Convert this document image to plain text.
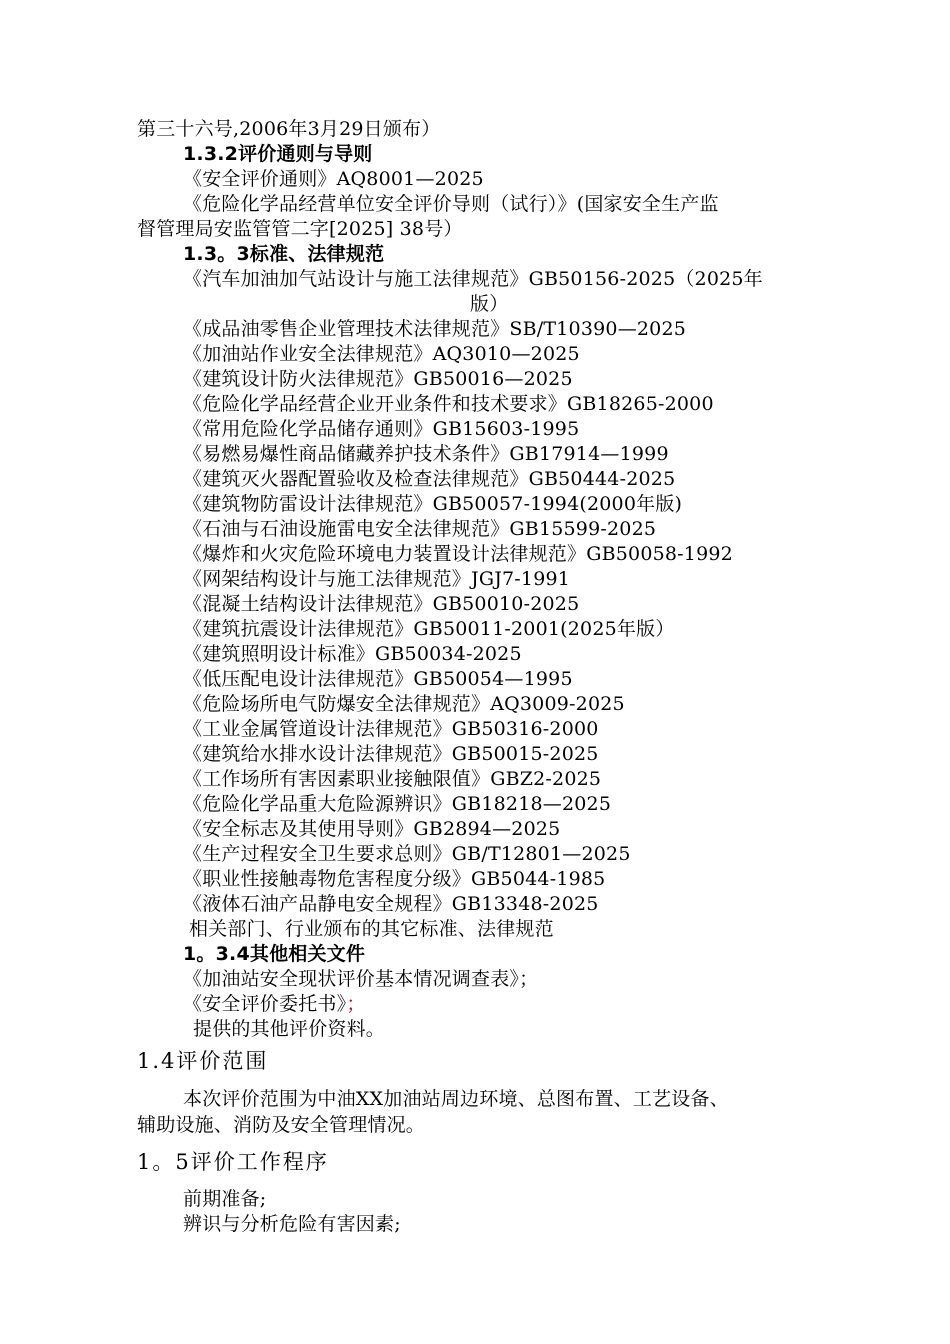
第三十六号,2006年3月29日颁布）
1.3.2评价通则与导则
《安全评价通则》AQ8001—2025
《危险化学品经营单位安全评价导则（试行）》(国家安全生产监
督管理局安监管管二字[2025] 38号）
1.3。3标准、法律规范
《汽车加油加气站设计与施工法律规范》GB50156-2025（2025年
版）
《成品油零售企业管理技术法律规范》SB/T10390—2025
《加油站作业安全法律规范》AQ3010—2025
《建筑设计防火法律规范》GB50016—2025
《危险化学品经营企业开业条件和技术要求》GB18265-2000
《常用危险化学品储存通则》GB15603-1995
《易燃易爆性商品储藏养护技术条件》GB17914—1999
《建筑灭火器配置验收及检查法律规范》GB50444-2025
《建筑物防雷设计法律规范》GB50057-1994(2000年版)
《石油与石油设施雷电安全法律规范》GB15599-2025
《爆炸和火灾危险环境电力装置设计法律规范》GB50058-1992
《网架结构设计与施工法律规范》JGJ7-1991
《混凝土结构设计法律规范》GB50010-2025
《建筑抗震设计法律规范》GB50011-2001(2025年版）
《建筑照明设计标准》GB50034-2025
《低压配电设计法律规范》GB50054—1995
《危险场所电气防爆安全法律规范》AQ3009-2025
《工业金属管道设计法律规范》GB50316-2000
《建筑给水排水设计法律规范》GB50015-2025
《工作场所有害因素职业接触限值》GBZ2-2025
《危险化学品重大危险源辨识》GB18218—2025
《安全标志及其使用导则》GB2894—2025
《生产过程安全卫生要求总则》GB/T12801—2025
《职业性接触毒物危害程度分级》GB5044-1985
《液体石油产品静电安全规程》GB13348-2025
相关部门、行业颁布的其它标准、法律规范
1。3.4其他相关文件
《加油站安全现状评价基本情况调查表》；
《安全评价委托书》；
提供的其他评价资料。
1.4评价范围
本次评价范围为中油XX加油站周边环境、总图布置、工艺设备、
辅助设施、消防及安全管理情况。
1。5评价工作程序
前期准备;
辨识与分析危险有害因素;
